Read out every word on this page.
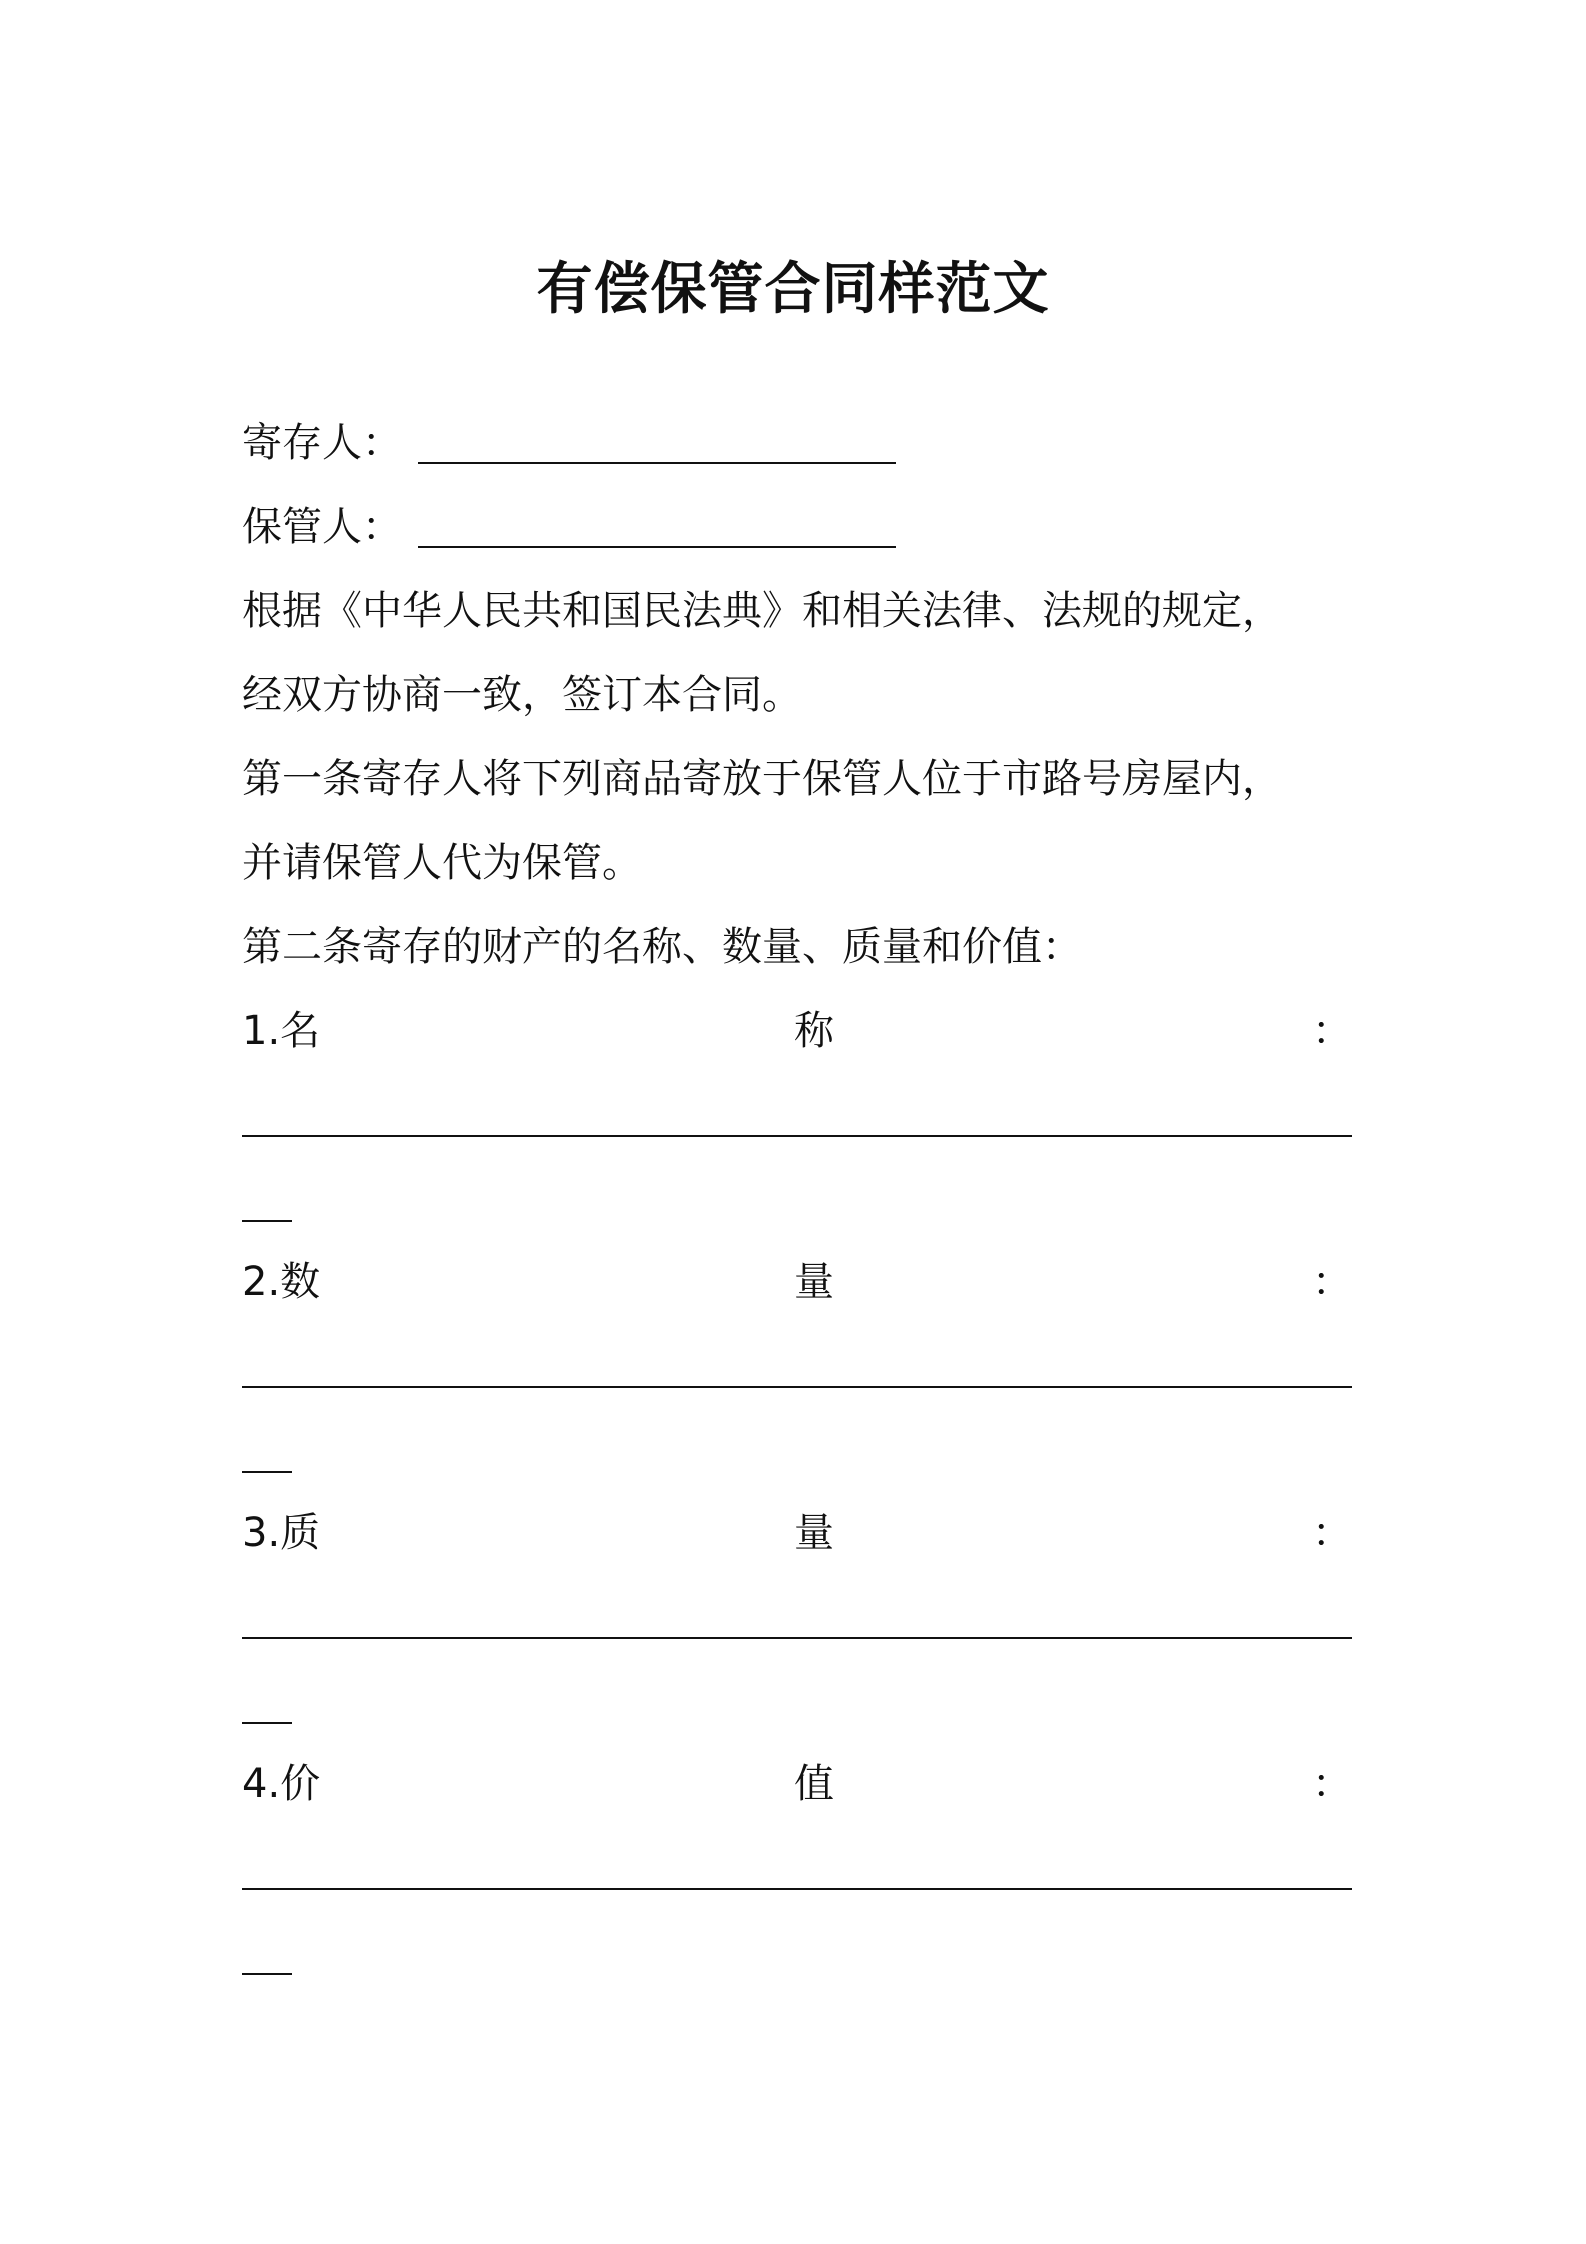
有偿保管合同样范文
寄存人：
保管人：
根据《中华人民共和国民法典》和相关法律、法规的规定，
经双方协商一致，签订本合同。
第一条寄存人将下列商品寄放于保管人位于市路号房屋内，
并请保管人代为保管。
第二条寄存的财产的名称、数量、质量和价值：
1.名	称	：
2.数	量	：
3.质	量	：
4.价	值	：
